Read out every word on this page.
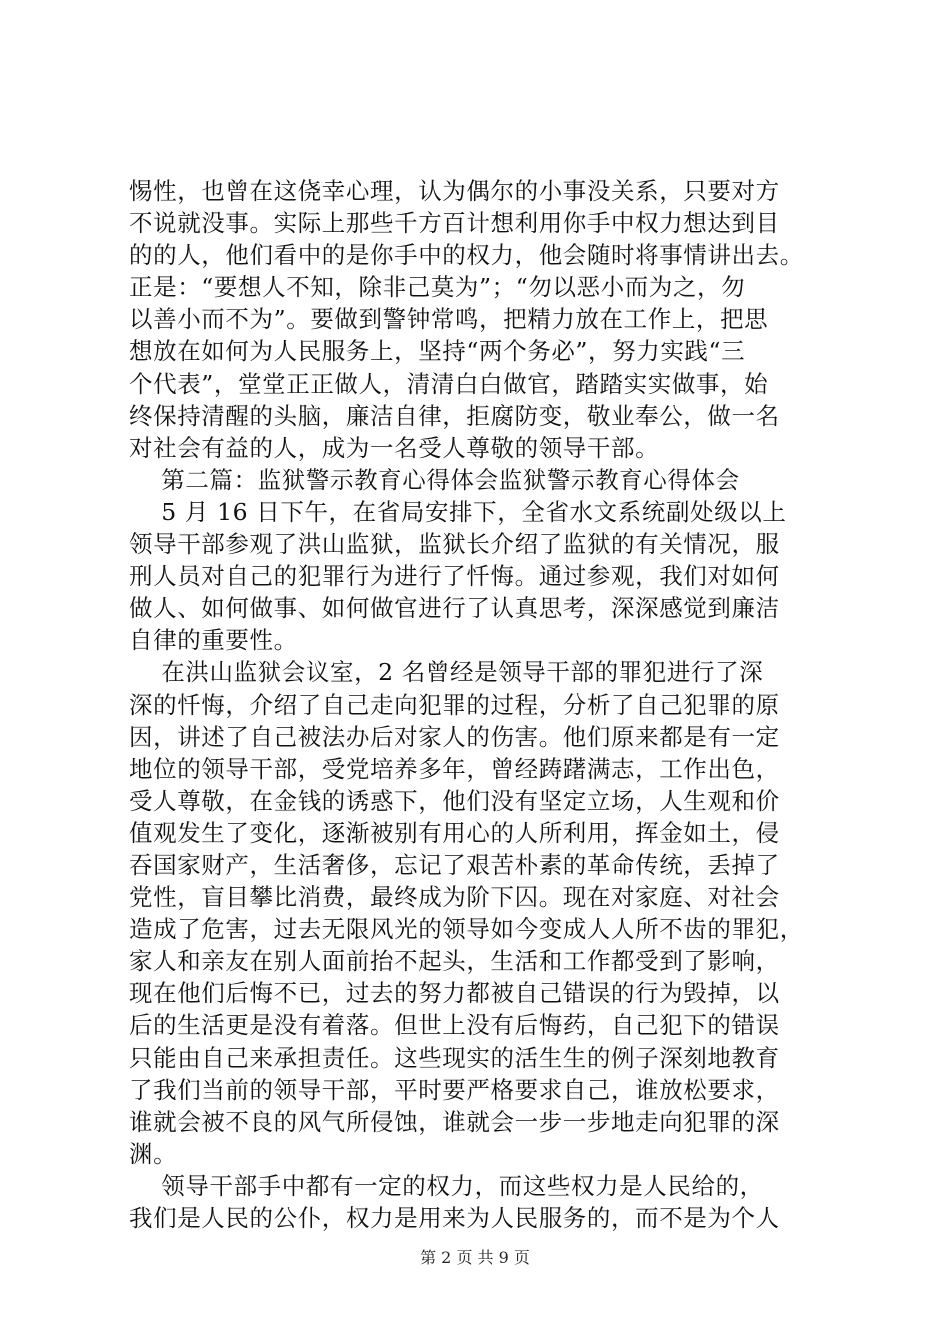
惕性，也曾在这侥幸心理，认为偶尔的小事没关系，只要对方
不说就没事。实际上那些千方百计想利用你手中权力想达到目
的的人，他们看中的是你手中的权力，他会随时将事情讲出去。
正是：“要想人不知，除非己莫为”；“勿以恶小而为之，勿
以善小而不为”。要做到警钟常鸣，把精力放在工作上，把思
想放在如何为人民服务上，坚持“两个务必”，努力实践“三
个代表”，堂堂正正做人，清清白白做官，踏踏实实做事，始
终保持清醒的头脑，廉洁自律，拒腐防变，敬业奉公，做一名
对社会有益的人，成为一名受人尊敬的领导干部。
第二篇：监狱警示教育心得体会监狱警示教育心得体会
5 月 16 日下午，在省局安排下，全省水文系统副处级以上
领导干部参观了洪山监狱，监狱长介绍了监狱的有关情况，服
刑人员对自己的犯罪行为进行了忏悔。通过参观，我们对如何
做人、如何做事、如何做官进行了认真思考，深深感觉到廉洁
自律的重要性。
在洪山监狱会议室，2 名曾经是领导干部的罪犯进行了深
深的忏悔，介绍了自己走向犯罪的过程，分析了自己犯罪的原
因，讲述了自己被法办后对家人的伤害。他们原来都是有一定
地位的领导干部，受党培养多年，曾经踌躇满志，工作出色，
受人尊敬，在金钱的诱惑下，他们没有坚定立场，人生观和价
值观发生了变化，逐渐被别有用心的人所利用，挥金如土，侵
吞国家财产，生活奢侈，忘记了艰苦朴素的革命传统，丢掉了
党性，盲目攀比消费，最终成为阶下囚。现在对家庭、对社会
造成了危害，过去无限风光的领导如今变成人人所不齿的罪犯，
家人和亲友在别人面前抬不起头，生活和工作都受到了影响，
现在他们后悔不已，过去的努力都被自己错误的行为毁掉，以
后的生活更是没有着落。但世上没有后悔药，自己犯下的错误
只能由自己来承担责任。这些现实的活生生的例子深刻地教育
了我们当前的领导干部，平时要严格要求自己，谁放松要求，
谁就会被不良的风气所侵蚀，谁就会一步一步地走向犯罪的深
渊。
领导干部手中都有一定的权力，而这些权力是人民给的，
我们是人民的公仆，权力是用来为人民服务的，而不是为个人
第 2 页 共 9 页
